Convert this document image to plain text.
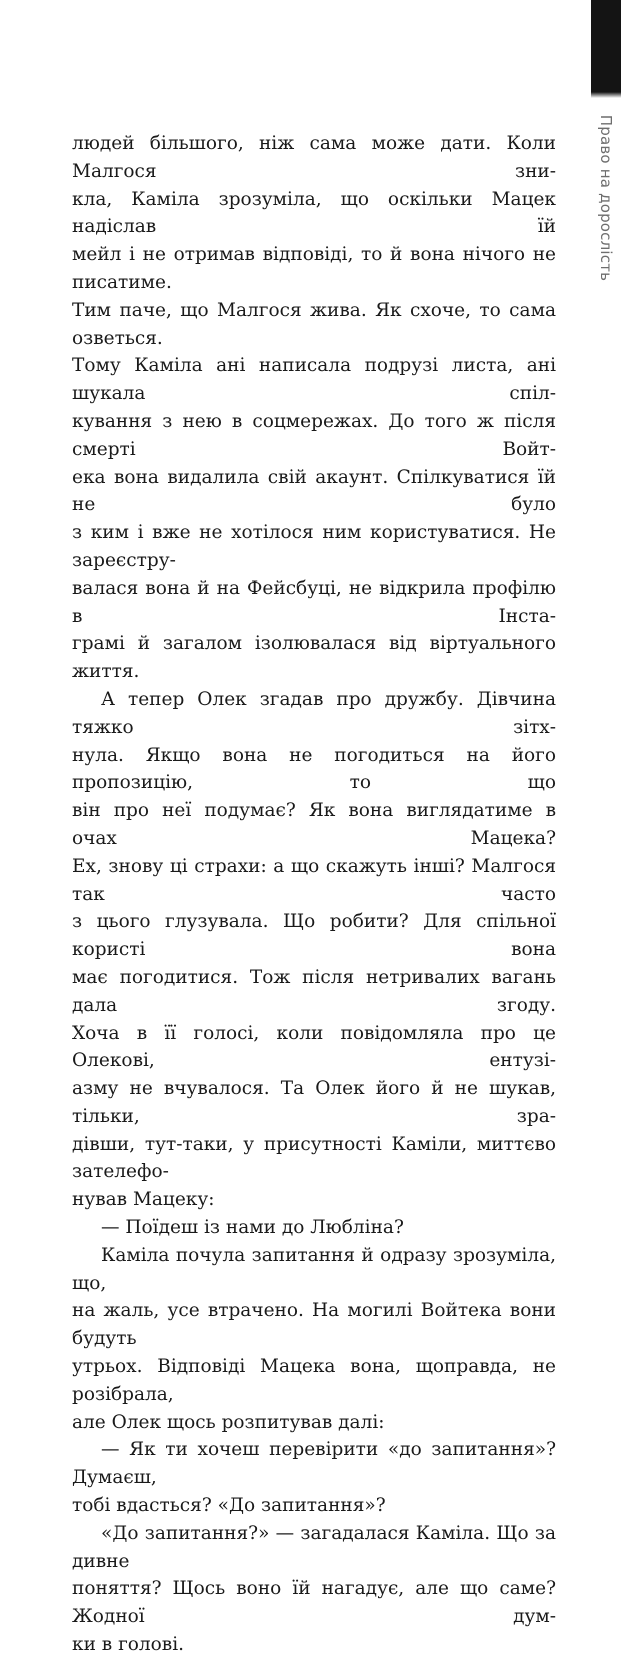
Право на дорослість

людей більшого, ніж сама може дати. Коли Малгося зни-

кла, Каміла зрозуміла, що оскільки Мацек надіслав їй

мейл і не отримав відповіді, то й вона нічого не писатиме.

Тим паче, що Малгося жива. Як схоче, то сама озветься.

Тому Каміла ані написала подрузі листа, ані шукала спіл-

кування з нею в соцмережах. До того ж після смерті Войт-

ека вона видалила свій акаунт. Спілкуватися їй не було

з ким і вже не хотілося ним користуватися. Не зареєстру-

валася вона й на Фейсбуці, не відкрила профілю в Інста-

грамі й загалом ізолювалася від віртуального життя.

А тепер Олек згадав про дружбу. Дівчина тяжко зітх-

нула. Якщо вона не погодиться на його пропозицію, то що

він про неї подумає? Як вона виглядатиме в очах Мацека?

Ех, знову ці страхи: а що скажуть інші? Малгося так часто

з цього глузувала. Що робити? Для спільної користі вона

має погодитися. Тож після нетривалих вагань дала згоду.

Хоча в її голосі, коли повідомляла про це Олекові, ентузі-

азму не вчувалося. Та Олек його й не шукав, тільки, зра-

дівши, тут-таки, у присутності Каміли, миттєво зателефо-

нував Мацеку:

— Поїдеш із нами до Любліна?

Каміла почула запитання й одразу зрозуміла, що,

на жаль, усе втрачено. На могилі Войтека вони будуть

утрьох. Відповіді Мацека вона, щоправда, не розібрала,

але Олек щось розпитував далі:

— Як ти хочеш перевірити «до запитання»? Думаєш,

тобі вдасться? «До запитання»?

«До запитання?» — загадалася Каміла. Що за дивне

поняття? Щось воно їй нагадує, але що саме? Жодної дум-

ки в голові.
